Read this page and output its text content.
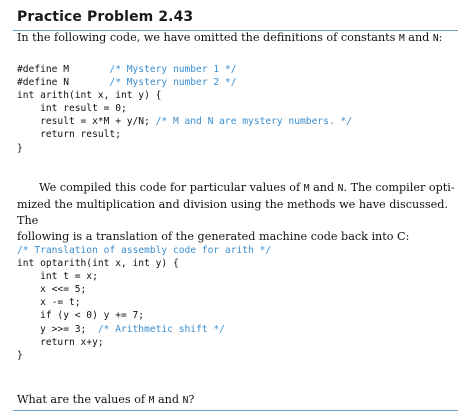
Practice Problem 2.43
In the following code, we have omitted the definitions of constants M and N:
#define M       /* Mystery number 1 */
#define N       /* Mystery number 2 */
int arith(int x, int y) {
int result = 0;
result = x*M + y/N; /* M and N are mystery numbers. */
return result;
}
We compiled this code for particular values of M and N. The compiler opti-
mized the multiplication and division using the methods we have discussed. The
following is a translation of the generated machine code back into C:
/* Translation of assembly code for arith */
int optarith(int x, int y) {
int t = x;
x <<= 5;
x -= t;
if (y < 0) y += 7;
y >>= 3;  /* Arithmetic shift */
return x+y;
}
What are the values of M and N?
